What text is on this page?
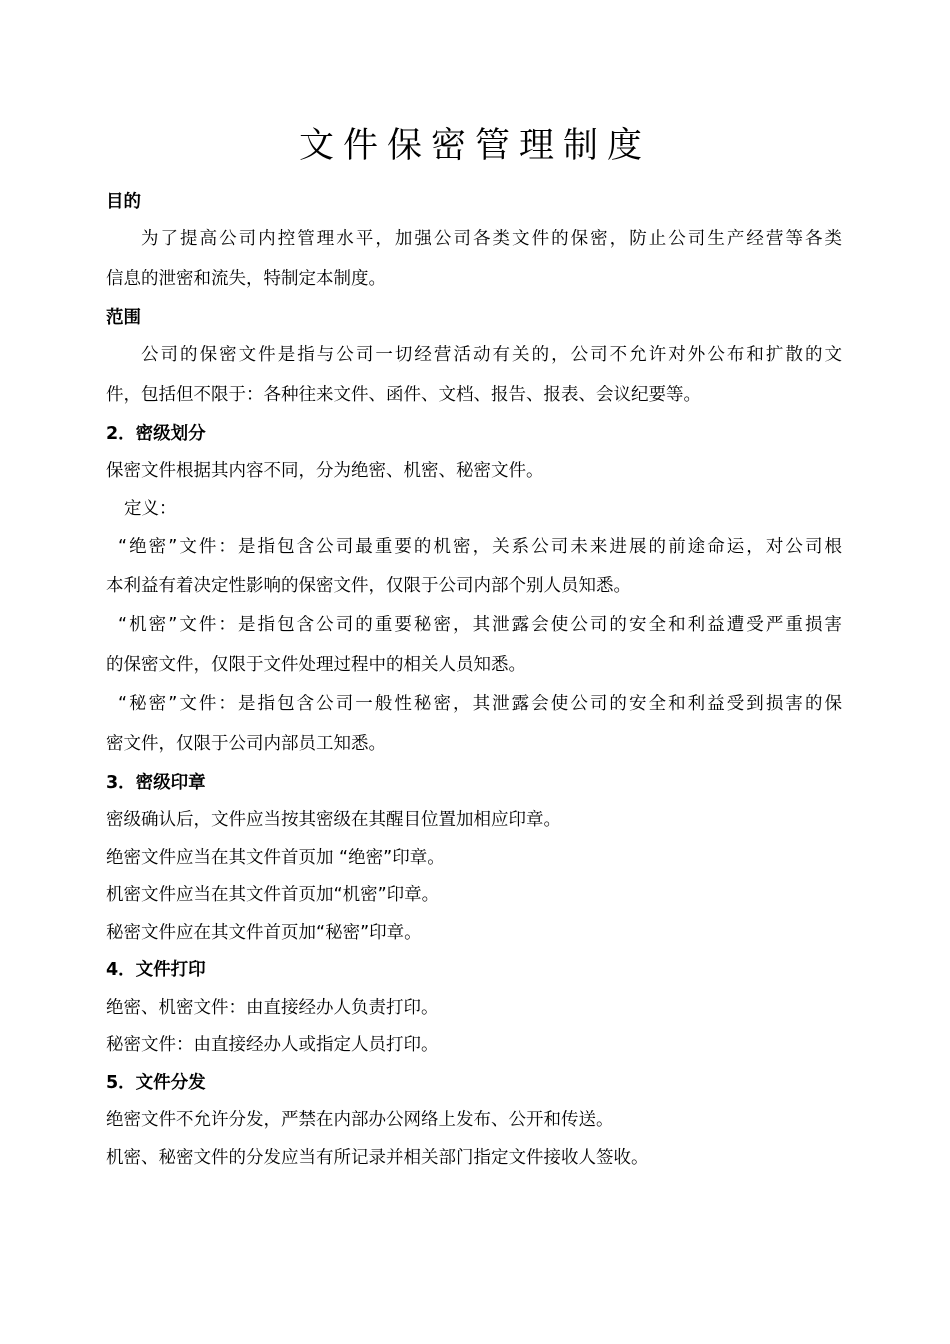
文件保密管理制度
目的
为了提高公司内控管理水平，加强公司各类文件的保密，防止公司生产经营等各类
信息的泄密和流失，特制定本制度。
范围
公司的保密文件是指与公司一切经营活动有关的，公司不允许对外公布和扩散的文
件，包括但不限于：各种往来文件、函件、文档、报告、报表、会议纪要等。
2．密级划分
保密文件根据其内容不同，分为绝密、机密、秘密文件。
定义：
“绝密”文件：是指包含公司最重要的机密，关系公司未来进展的前途命运，对公司根
本利益有着决定性影响的保密文件，仅限于公司内部个别人员知悉。
“机密”文件：是指包含公司的重要秘密，其泄露会使公司的安全和利益遭受严重损害
的保密文件，仅限于文件处理过程中的相关人员知悉。
“秘密”文件：是指包含公司一般性秘密，其泄露会使公司的安全和利益受到损害的保
密文件，仅限于公司内部员工知悉。
3．密级印章
密级确认后，文件应当按其密级在其醒目位置加相应印章。
绝密文件应当在其文件首页加 “绝密”印章。
机密文件应当在其文件首页加“机密”印章。
秘密文件应在其文件首页加“秘密”印章。
4．文件打印
绝密、机密文件：由直接经办人负责打印。
秘密文件：由直接经办人或指定人员打印。
5．文件分发
绝密文件不允许分发，严禁在内部办公网络上发布、公开和传送。
机密、秘密文件的分发应当有所记录并相关部门指定文件接收人签收。
